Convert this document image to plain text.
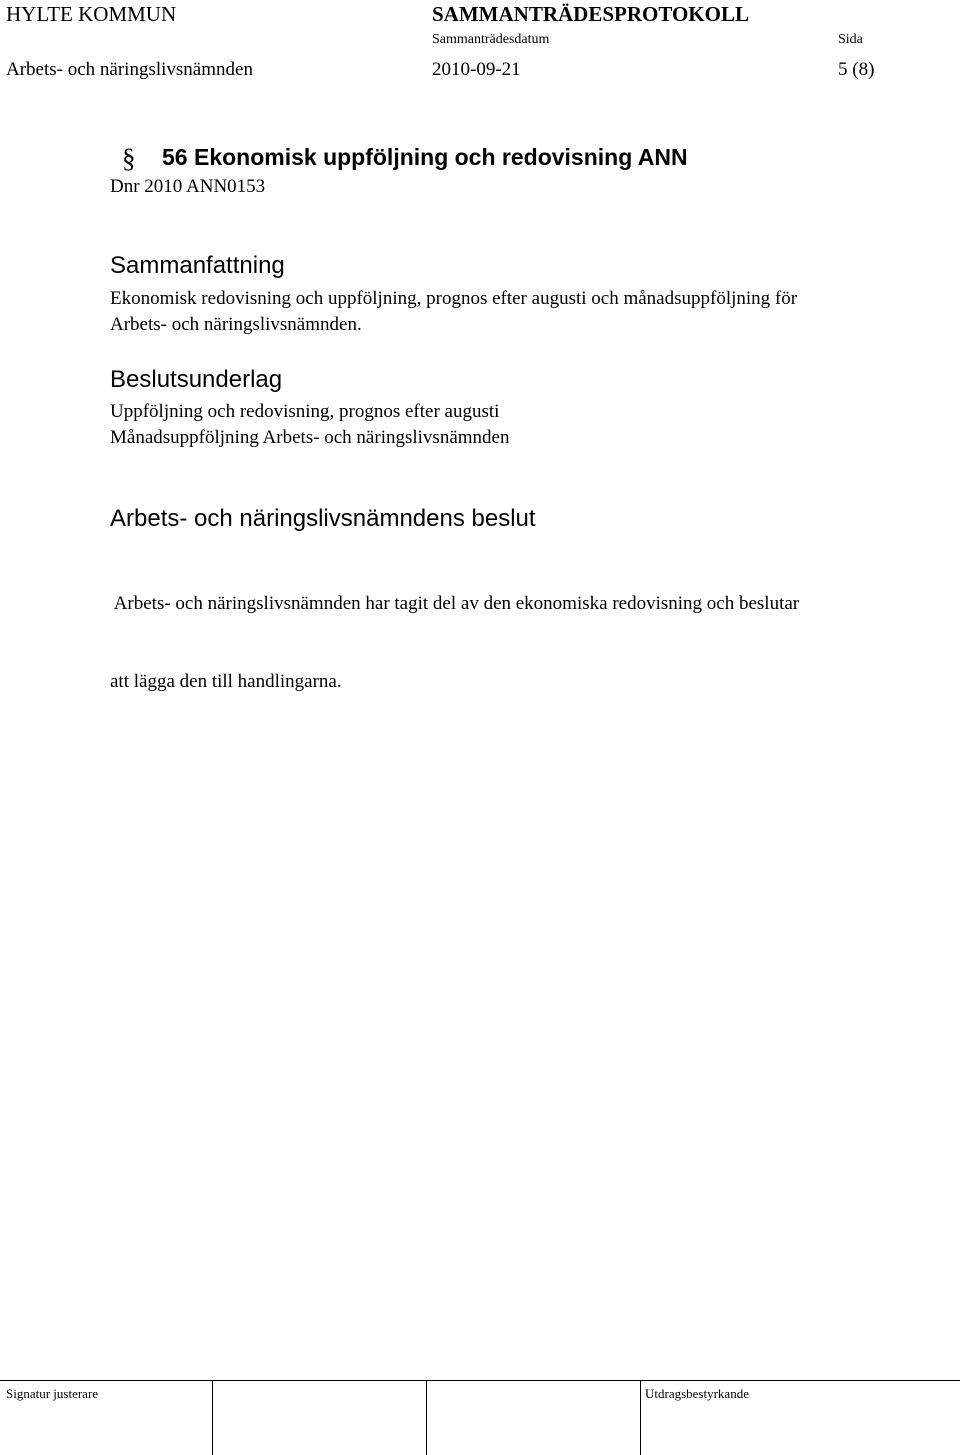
HYLTE KOMMUN	SAMMANTRÄDESPROTOKOLL
Sammanträdesdatum	Sida
Arbets- och näringslivsnämnden	2010-09-21	5 (8)
§ 56 Ekonomisk uppföljning och redovisning ANN
Dnr 2010 ANN0153
Sammanfattning
Ekonomisk redovisning och uppföljning, prognos efter augusti och månadsuppföljning för
Arbets- och näringslivsnämnden.
Beslutsunderlag
Uppföljning och redovisning, prognos efter augusti
Månadsuppföljning Arbets- och näringslivsnämnden
Arbets- och näringslivsnämndens beslut

Arbets- och näringslivsnämnden har tagit del av den ekonomiska redovisning och beslutar

att lägga den till handlingarna.

Signatur justerare	Utdragsbestyrkande
